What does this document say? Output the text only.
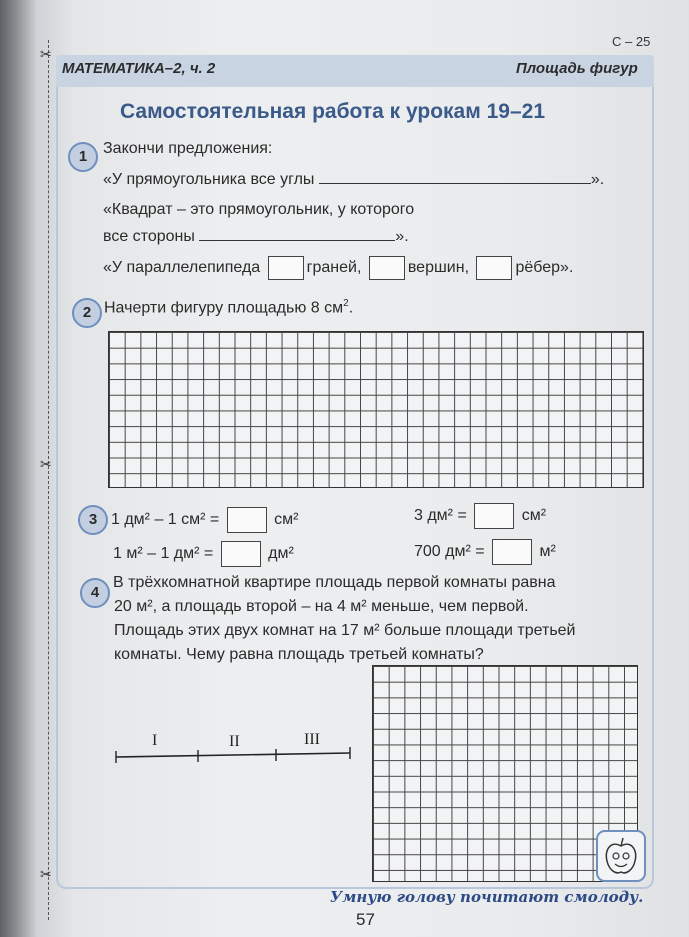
✂
✂
✂
С – 25
МАТЕМАТИКА–2, ч. 2	Площадь фигур
Самостоятельная работа к урокам 19–21
1 Закончи предложения:
«У прямоугольника все углы	».
«Квадрат – это прямоугольник, у которого
все стороны	».
«У параллелепипеда	граней,	вершин,	рёбер».
2 Начерти фигуру площадью 8 $см^2$.
3 1 дм² – 1 см² =	см²	3 дм² =	см²
1 м² – 1 дм² =	дм²	700 дм² =	м²
4
В трёхкомнатной квартире площадь первой комнаты равна
20 м², а площадь второй – на 4 м² меньше, чем первой.
Площадь этих двух комнат на 17 м² больше площади третьей
комнаты. Чему равна площадь третьей комнаты?
I	II	III
Умную голову почитают смолоду.
57
